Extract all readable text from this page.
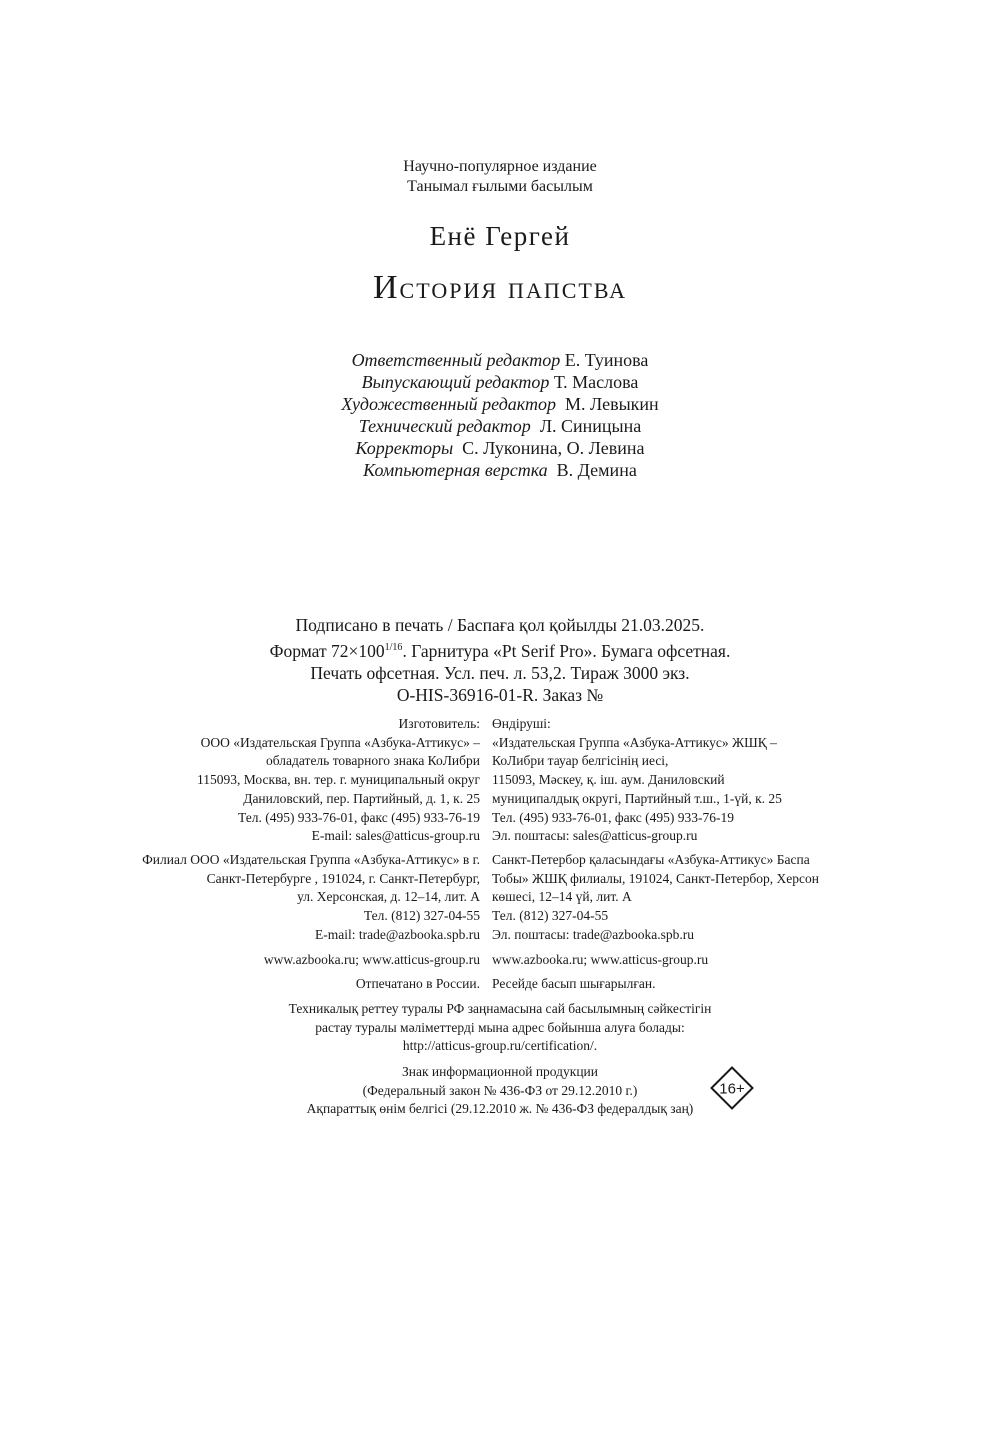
Научно-популярное издание
Танымал ғылыми басылым
Енё Гергей
История папства
Ответственный редактор Е. Туинова
Выпускающий редактор Т. Маслова
Художественный редактор М. Левыкин
Технический редактор Л. Синицына
Корректоры С. Луконина, О. Левина
Компьютерная верстка В. Демина
Подписано в печать / Баспаға қол қойылды 21.03.2025.
Формат $72\times 100^{1/16}$. Гарнитура «Pt Serif Pro». Бумага офсетная.
Печать офсетная. Усл. печ. л. 53,2. Тираж 3000 экз.
O-HIS-36916-01-R. Заказ №
Изготовитель:
ООО «Издательская Группа «Азбука-Аттикус» –
обладатель товарного знака КоЛибри
115093, Москва, вн. тер. г. муниципальный округ
Даниловский, пер. Партийный, д. 1, к. 25
Тел. (495) 933-76-01, факс (495) 933-76-19
E-mail: sales@atticus-group.ru
Өндіруші:
«Издательская Группа «Азбука-Аттикус» ЖШҚ –
КоЛибри тауар белгісінің иесі,
115093, Мәскеу, қ. іш. аум. Даниловский
муниципалдық округі, Партийный т.ш., 1-үй, к. 25
Тел. (495) 933-76-01, факс (495) 933-76-19
Эл. поштасы: sales@atticus-group.ru
Филиал ООО «Издательская Группа «Азбука-Аттикус» в г.
Санкт-Петербурге , 191024, г. Санкт-Петербург,
ул. Херсонская, д. 12–14, лит. А
Тел. (812) 327-04-55
E-mail: trade@azbooka.spb.ru
Санкт-Петербор қаласындағы «Азбука-Аттикус» Баспа
Тобы» ЖШҚ филиалы, 191024, Санкт-Петербор, Херсон
көшесі, 12–14 үй, лит. А
Тел. (812) 327-04-55
Эл. поштасы: trade@azbooka.spb.ru
www.azbooka.ru; www.atticus-group.ru www.azbooka.ru; www.atticus-group.ru
Отпечатано в России. Ресейде басып шығарылған.
Техникалық реттеу туралы РФ заңнамасына сай басылымның сәйкестігін
растау туралы мәліметтерді мына адрес бойынша алуға болады:
http://atticus-group.ru/certification/.
Знак информационной продукции
(Федеральный закон № 436-ФЗ от 29.12.2010 г.)
Ақпараттық өнім белгісі (29.12.2010 ж. № 436-ФЗ федералдық заң)
16+
